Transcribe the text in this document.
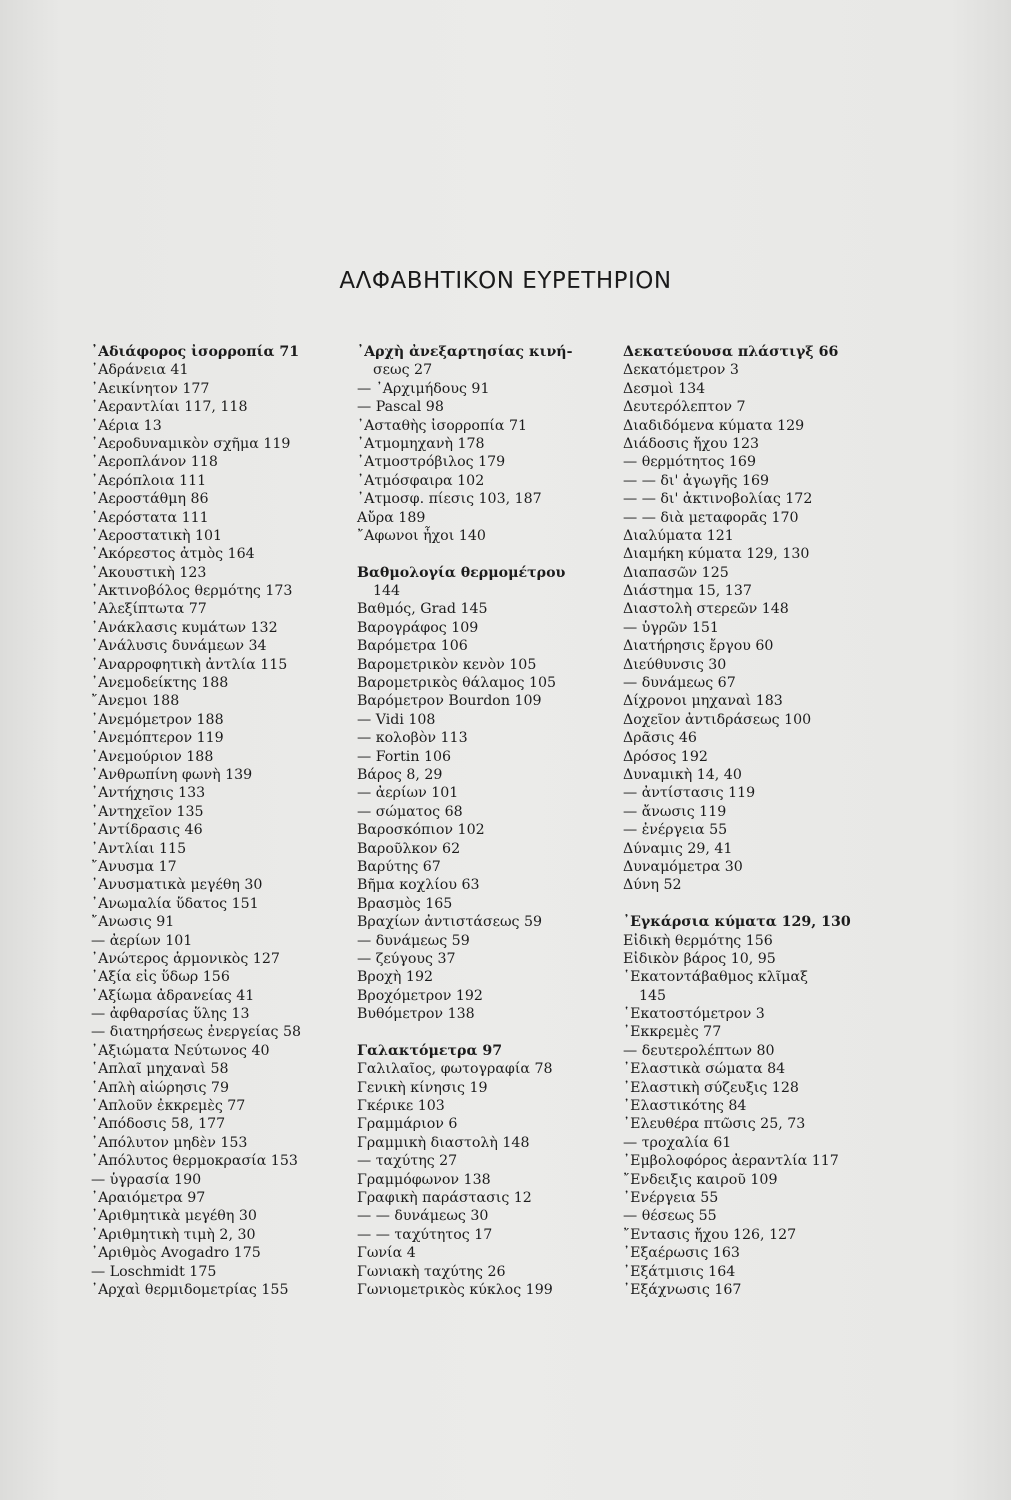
ΑΛΦΑΒΗΤΙΚΟΝ ΕΥΡΕΤΗΡΙΟΝ
᾿Αδιάφορος ἰσορροπία 71
᾿Αδράνεια 41
᾿Αεικίνητον 177
᾿Αεραντλίαι 117, 118
᾿Αέρια 13
᾿Αεροδυναμικὸν σχῆμα 119
᾿Αεροπλάνον 118
᾿Αερόπλοια 111
᾿Αεροστάθμη 86
᾿Αερόστατα 111
᾿Αεροστατικὴ 101
᾿Ακόρεστος ἀτμὸς 164
᾿Ακουστικὴ 123
᾿Ακτινοβόλος θερμότης 173
᾿Αλεξίπτωτα 77
᾿Ανάκλασις κυμάτων 132
᾿Ανάλυσις δυνάμεων 34
᾿Αναρροφητικὴ ἀντλία 115
᾿Ανεμοδείκτης 188
῎Ανεμοι 188
᾿Ανεμόμετρον 188
᾿Ανεμόπτερον 119
᾿Ανεμούριον 188
᾿Ανθρωπίνη φωνὴ 139
᾿Αντήχησις 133
᾿Αντηχεῖον 135
᾿Αντίδρασις 46
᾿Αντλίαι 115
῎Ανυσμα 17
᾿Ανυσματικὰ μεγέθη 30
᾿Ανωμαλία ὕδατος 151
῎Ανωσις 91
— ἀερίων 101
᾿Ανώτερος ἁρμονικὸς 127
᾿Αξία εἰς ὕδωρ 156
᾿Αξίωμα ἀδρανείας 41
— ἀφθαρσίας ὕλης 13
— διατηρήσεως ἐνεργείας 58
᾿Αξιώματα Νεύτωνος 40
῾Απλαῖ μηχαναὶ 58
῾Απλὴ αἰώρησις 79
῾Απλοῦν ἐκκρεμὲς 77
᾿Απόδοσις 58, 177
᾿Απόλυτον μηδὲν 153
᾿Απόλυτος θερμοκρασία 153
— ὑγρασία 190
᾿Αραιόμετρα 97
᾿Αριθμητικὰ μεγέθη 30
᾿Αριθμητικὴ τιμὴ 2, 30
᾿Αριθμὸς Avogadro 175
— Loschmidt 175
᾿Αρχαὶ θερμιδομετρίας 155
᾿Αρχὴ ἀνεξαρτησίας κινή-
σεως 27
— ᾿Αρχιμήδους 91
— Pascal 98
᾿Ασταθὴς ἰσορροπία 71
᾿Ατμομηχανὴ 178
᾿Ατμοστρόβιλος 179
᾿Ατμόσφαιρα 102
᾿Ατμοσφ. πίεσις 103, 187
Αὔρα 189
῎Αφωνοι ἦχοι 140
Βαθμολογία θερμομέτρου
144
Βαθμός, Grad 145
Βαρογράφος 109
Βαρόμετρα 106
Βαρομετρικὸν κενὸν 105
Βαρομετρικὸς θάλαμος 105
Βαρόμετρον Bourdon 109
— Vidi 108
— κολοβὸν 113
— Fortin 106
Βάρος 8, 29
— ἀερίων 101
— σώματος 68
Βαροσκόπιον 102
Βαροῦλκον 62
Βαρύτης 67
Βῆμα κοχλίου 63
Βρασμὸς 165
Βραχίων ἀντιστάσεως 59
— δυνάμεως 59
— ζεύγους 37
Βροχὴ 192
Βροχόμετρον 192
Βυθόμετρον 138
Γαλακτόμετρα 97
Γαλιλαῖος, φωτογραφία 78
Γενικὴ κίνησις 19
Γκέρικε 103
Γραμμάριον 6
Γραμμικὴ διαστολὴ 148
— ταχύτης 27
Γραμμόφωνον 138
Γραφικὴ παράστασις 12
— — δυνάμεως 30
— — ταχύτητος 17
Γωνία 4
Γωνιακὴ ταχύτης 26
Γωνιομετρικὸς κύκλος 199
Δεκατεύουσα πλάστιγξ 66
Δεκατόμετρον 3
Δεσμοὶ 134
Δευτερόλεπτον 7
Διαδιδόμενα κύματα 129
Διάδοσις ἤχου 123
— θερμότητος 169
— — δι' ἀγωγῆς 169
— — δι' ἀκτινοβολίας 172
— — διὰ μεταφορᾶς 170
Διαλύματα 121
Διαμήκη κύματα 129, 130
Διαπασῶν 125
Διάστημα 15, 137
Διαστολὴ στερεῶν 148
— ὑγρῶν 151
Διατήρησις ἔργου 60
Διεύθυνσις 30
— δυνάμεως 67
Δίχρονοι μηχαναὶ 183
Δοχεῖον ἀντιδράσεως 100
Δρᾶσις 46
Δρόσος 192
Δυναμικὴ 14, 40
— ἀντίστασις 119
— ἄνωσις 119
— ἐνέργεια 55
Δύναμις 29, 41
Δυναμόμετρα 30
Δύνη 52
᾿Εγκάρσια κύματα 129, 130
Εἰδικὴ θερμότης 156
Εἰδικὸν βάρος 10, 95
῾Εκατοντάβαθμος κλῖμαξ
145
῾Εκατοστόμετρον 3
᾿Εκκρεμὲς 77
— δευτερολέπτων 80
᾿Ελαστικὰ σώματα 84
᾿Ελαστικὴ σύζευξις 128
᾿Ελαστικότης 84
᾿Ελευθέρα πτῶσις 25, 73
— τροχαλία 61
᾿Εμβολοφόρος ἀεραντλία 117
῎Ενδειξις καιροῦ 109
᾿Ενέργεια 55
— θέσεως 55
῎Εντασις ἤχου 126, 127
᾿Εξαέρωσις 163
᾿Εξάτμισις 164
᾿Εξάχνωσις 167
